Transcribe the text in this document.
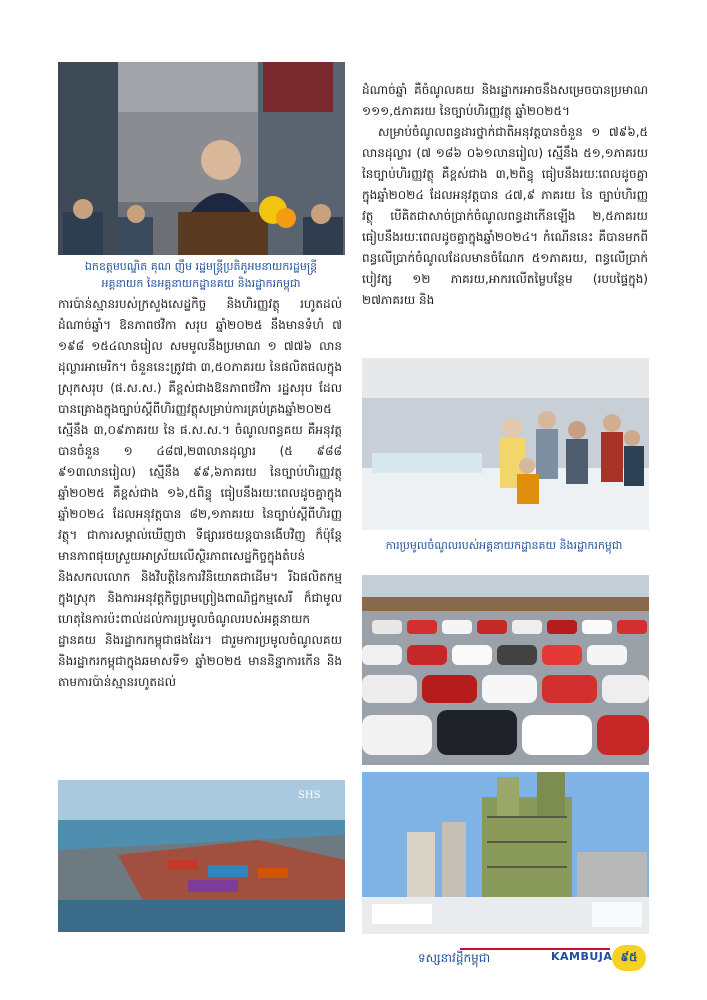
ឯកឧត្តមបណ្ឌិត គុណ ញឹម រដ្ឋមន្ត្រីប្រតិភូអមនាយករដ្ឋមន្ត្រី
អគ្គនាយក នៃអគ្គនាយកដ្ឋានគយ និងរដ្ឋាករកម្ពុជា

ការប៉ាន់ស្មានរបស់ក្រសួងសេដ្ឋកិច្ច និងហិរញ្ញវត្ថុ រហូតដល់ដំណាច់ឆ្នាំ។ ឱនភាពថវិកា សរុប ឆ្នាំ២០២៥ នឹងមានទំហំ ៧ ១៩៨ ១៥៤លានរៀល សមមូលនឹងប្រមាណ ១ ៧៧៦ លានដុល្លារអាមេរិក។ ចំនួននេះត្រូវជា ៣,៥០ភាគរយ នៃផលិតផលក្នុងស្រុកសរុប (ផ.ស.ស.) គឺខ្ពស់ជាងឱនភាពថវិកា រដ្ឋសរុប ដែលបានគ្រោងក្នុងច្បាប់ស្ដីពីហិរញ្ញវត្ថុសម្រាប់ការគ្រប់គ្រងឆ្នាំ២០២៥ ស្មើនឹង ៣,០៩ភាគរយ នៃ ផ.ស.ស.។ ចំណូលពន្ធគយ គឺអនុវត្តបានចំនួន ១ ៤៨៧,២៣លានដុល្លារ (៥ ៩៨៨ ៩១៣លានរៀល) ស្មើនឹង ៩៩,៦ភាគរយ នៃច្បាប់ហិរញ្ញវត្ថុឆ្នាំ២០២៥ គឺខ្ពស់ជាង ១៦,៥ពិន្ទុ ធៀបនឹងរយៈពេលដូចគ្នាក្នុង ឆ្នាំ២០២៤ ដែលអនុវត្តបាន ៨២,១ភាគរយ នៃច្បាប់ស្ដីពីហិរញ្ញវត្ថុ។ ជាការសម្គាល់ឃើញថា ទីផ្សាររថយន្តបានងើបវិញ ក៏ប៉ុន្តែមានភាពផុយស្រួយអាស្រ័យលើស្ថិរភាពសេដ្ឋកិច្ចក្នុងតំបន់ និងសកលលោក និងវិបត្តិនៃការវិនិយោគជាដើម។ រីឯផលិតកម្មក្នុងស្រុក និងការអនុវត្តកិច្ចព្រមព្រៀងពាណិជ្ជកម្មសេរី ក៏ជាមូលហេតុនៃការប៉ះពាល់ដល់ការប្រមូលចំណូលរបស់អគ្គនាយកដ្ឋានគយ និងរដ្ឋាករកម្ពុជាផងដែរ។ ជារួមការប្រមូលចំណូលគយ និងរដ្ឋាករកម្ពុជាក្នុងឆមាសទី១ ឆ្នាំ២០២៥ មាននិន្នាការកើន និងតាមការប៉ាន់ស្មានរហូតដល់

SHS
ការប្រមូលចំណូលរបស់អគ្គនាយកដ្ឋានគយ និងរដ្ឋាករកម្ពុជា

ដំណាច់ឆ្នាំ គឺចំណូលគយ និងរដ្ឋាករអាចនឹងសម្រេចបានប្រមាណ ១១១,៥ភាគរយ នៃច្បាប់ហិរញ្ញវត្ថុ ឆ្នាំ២០២៥។

សម្រាប់ចំណូលពន្ធដារថ្នាក់ជាតិអនុវត្តបានចំនួន ១ ៧៩៦,៥ លានដុល្លារ (៧ ១៨៦ ០៦១លានរៀល) ស្មើនឹង ៥១,១ភាគរយ នៃច្បាប់ហិរញ្ញវត្ថុ គឺខ្ពស់ជាង ៣,២ពិន្ទុ ធៀបនឹងរយៈពេលដូចគ្នាក្នុងឆ្នាំ២០២៤ ដែលអនុវត្តបាន ៤៧,៩ ភាគរយ នៃ ច្បាប់ហិរញ្ញវត្ថុ បើគិតជាសាច់ប្រាក់ចំណូលពន្ធដាកើនឡើង ២,៥ភាគរយ ធៀបនឹងរយៈពេលដូចគ្នាក្នុងឆ្នាំ២០២៤។ កំណើននេះ គឺបានមកពីពន្ធលើប្រាក់ចំណូលដែលមានចំណែក ៥១ភាគរយ, ពន្ធលើប្រាក់បៀវត្ស ១២ ភាគរយ,អាករលើតម្លៃបន្ថែម (របបផ្ទៃក្នុង) ២៧ភាគរយ និង

ទស្សនាវដ្តីកម្ពុជា	KAMBUJA ៩៥
